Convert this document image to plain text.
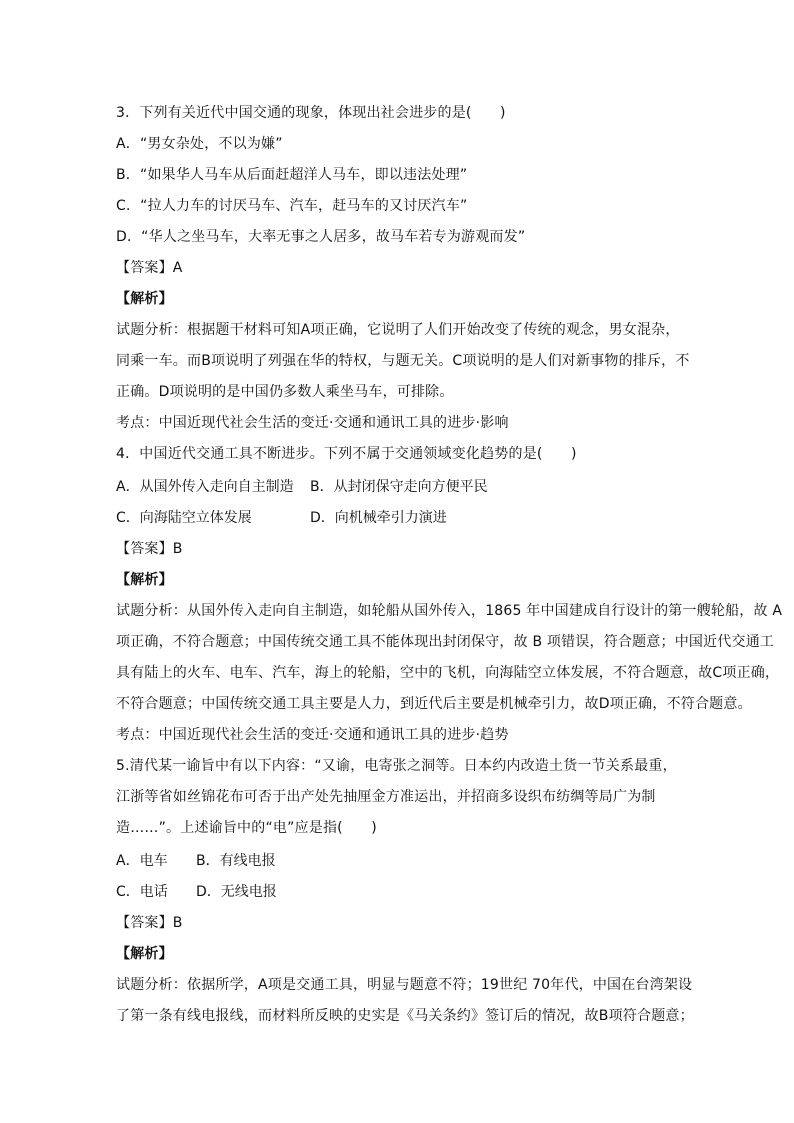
3．下列有关近代中国交通的现象，体现出社会进步的是(　　)
A．“男女杂处，不以为嫌”
B．“如果华人马车从后面赶超洋人马车，即以违法处理”
C．“拉人力车的讨厌马车、汽车，赶马车的又讨厌汽车”
D．“华人之坐马车，大率无事之人居多，故马车若专为游观而发”
【答案】A
【解析】
试题分析：根据题干材料可知A项正确，它说明了人们开始改变了传统的观念，男女混杂，
同乘一车。而B项说明了列强在华的特权，与题无关。C项说明的是人们对新事物的排斥，不
正确。D项说明的是中国仍多数人乘坐马车，可排除。
考点：中国近现代社会生活的变迁·交通和通讯工具的进步·影响
4．中国近代交通工具不断进步。下列不属于交通领域变化趋势的是(　　)
A．从国外传入走向自主制造	B．从封闭保守走向方便平民
C．向海陆空立体发展	D．向机械牵引力演进
【答案】B
【解析】
试题分析：从国外传入走向自主制造，如轮船从国外传入，1865 年中国建成自行设计的第一艘轮船，故 A
项正确，不符合题意；中国传统交通工具不能体现出封闭保守，故 B 项错误，符合题意；中国近代交通工
具有陆上的火车、电车、汽车，海上的轮船，空中的飞机，向海陆空立体发展，不符合题意，故C项正确，
不符合题意；中国传统交通工具主要是人力，到近代后主要是机械牵引力，故D项正确，不符合题意。
考点：中国近现代社会生活的变迁·交通和通讯工具的进步·趋势
5.清代某一谕旨中有以下内容：“又谕，电寄张之洞等。日本约内改造土货一节关系最重，
江浙等省如丝锦花布可否于出产处先抽厘金方准运出，并招商多设织布纺绸等局广为制
造……”。上述谕旨中的“电”应是指(　　)
A．电车	B．有线电报
C．电话	D．无线电报
【答案】B
【解析】
试题分析：依据所学，A项是交通工具，明显与题意不符；19世纪 70年代，中国在台湾架设
了第一条有线电报线，而材料所反映的史实是《马关条约》签订后的情况，故B项符合题意；
